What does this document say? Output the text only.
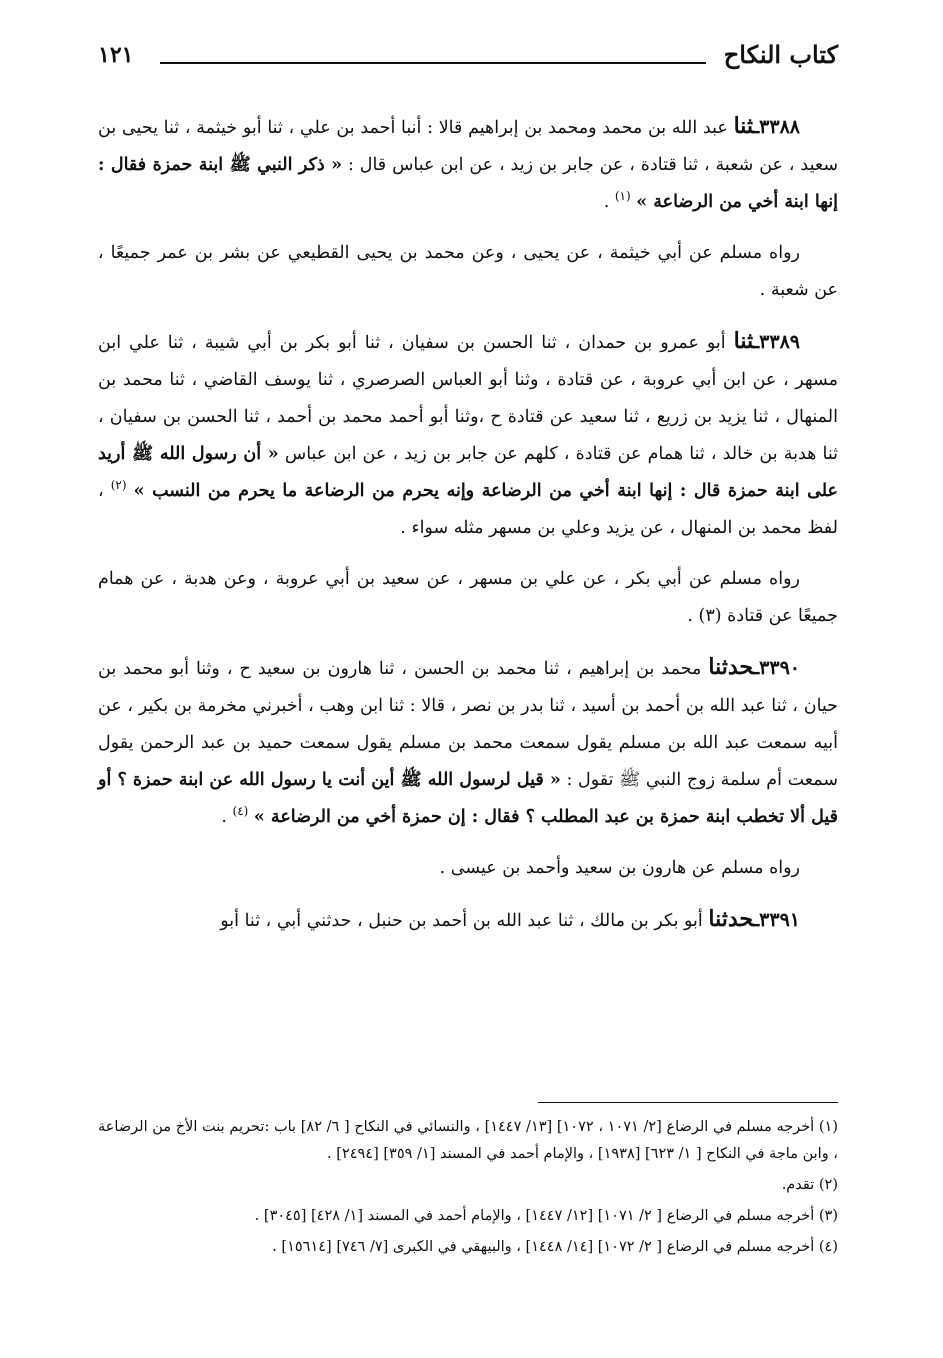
كتاب النكاح
١٢١

٣٣٨٨ـثنا عبد الله بن محمد ومحمد بن إبراهيم قالا : أنبا أحمد بن علي ، ثنا أبو خيثمة ، ثنا يحيى بن سعيد ، عن شعبة ، ثنا قتادة ، عن جابر بن زيد ، عن ابن عباس قال : « ذكر النبي ﷺ ابنة حمزة فقال : إنها ابنة أخي من الرضاعة » $^{(١)}$ .

رواه مسلم عن أبي خيثمة ، عن يحيى ، وعن محمد بن يحيى القطيعي عن بشر بن عمر جميعًا ، عن شعبة .

٣٣٨٩ـثنا أبو عمرو بن حمدان ، ثنا الحسن بن سفيان ، ثنا أبو بكر بن أبي شيبة ، ثنا علي ابن مسهر ، عن ابن أبي عروبة ، عن قتادة ، وثنا أبو العباس الصرصري ، ثنا يوسف القاضي ، ثنا محمد بن المنهال ، ثنا يزيد بن زريع ، ثنا سعيد عن قتادة ح ،وثنا أبو أحمد محمد بن أحمد ، ثنا الحسن بن سفيان ، ثنا هدبة بن خالد ، ثنا همام عن قتادة ، كلهم عن جابر بن زيد ، عن ابن عباس « أن رسول الله ﷺ أريد على ابنة حمزة قال : إنها ابنة أخي من الرضاعة وإنه يحرم من الرضاعة ما يحرم من النسب » $^{(٢)}$ ، لفظ محمد بن المنهال ، عن يزيد وعلي بن مسهر مثله سواء .

رواه مسلم عن أبي بكر ، عن علي بن مسهر ، عن سعيد بن أبي عروبة ، وعن هدبة ، عن همام جميعًا عن قتادة (٣) .

٣٣٩٠ـحدثنا محمد بن إبراهيم ، ثنا محمد بن الحسن ، ثنا هارون بن سعيد ح ، وثنا أبو محمد بن حيان ، ثنا عبد الله بن أحمد بن أسيد ، ثنا بدر بن نصر ، قالا : ثنا ابن وهب ، أخبرني مخرمة بن بكير ، عن أبيه سمعت عبد الله بن مسلم يقول سمعت محمد بن مسلم يقول سمعت حميد بن عبد الرحمن يقول سمعت أم سلمة زوج النبي ﷺ تقول : « قيل لرسول الله ﷺ أين أنت يا رسول الله عن ابنة حمزة ؟ أو قيل ألا تخطب ابنة حمزة بن عبد المطلب ؟ فقال : إن حمزة أخي من الرضاعة » $^{(٤)}$ .

رواه مسلم عن هارون بن سعيد وأحمد بن عيسى .

٣٣٩١ـحدثنا أبو بكر بن مالك ، ثنا عبد الله بن أحمد بن حنبل ، حدثني أبي ، ثنا أبو

(١) أخرجه مسلم في الرضاع [٢/ ١٠٧١ ، ١٠٧٢] [١٣/ ١٤٤٧] ، والنسائي في النكاح [ ٦/ ٨٢] باب :تحريم بنت الأخ من الرضاعة ، وابن ماجة في النكاح [ ١/ ٦٢٣] [١٩٣٨] ، والإمام أحمد في المسند [١/ ٣٥٩] [٢٤٩٤] .

(٢) تقدم.

(٣) أخرجه مسلم في الرضاع [ ٢/ ١٠٧١] [١٢/ ١٤٤٧] ، والإمام أحمد في المسند [١/ ٤٢٨] [٣٠٤٥] .

(٤) أخرجه مسلم في الرضاع [ ٢/ ١٠٧٢] [١٤/ ١٤٤٨] ، والبيهقي في الكبرى [٧/ ٧٤٦] [١٥٦١٤] .
